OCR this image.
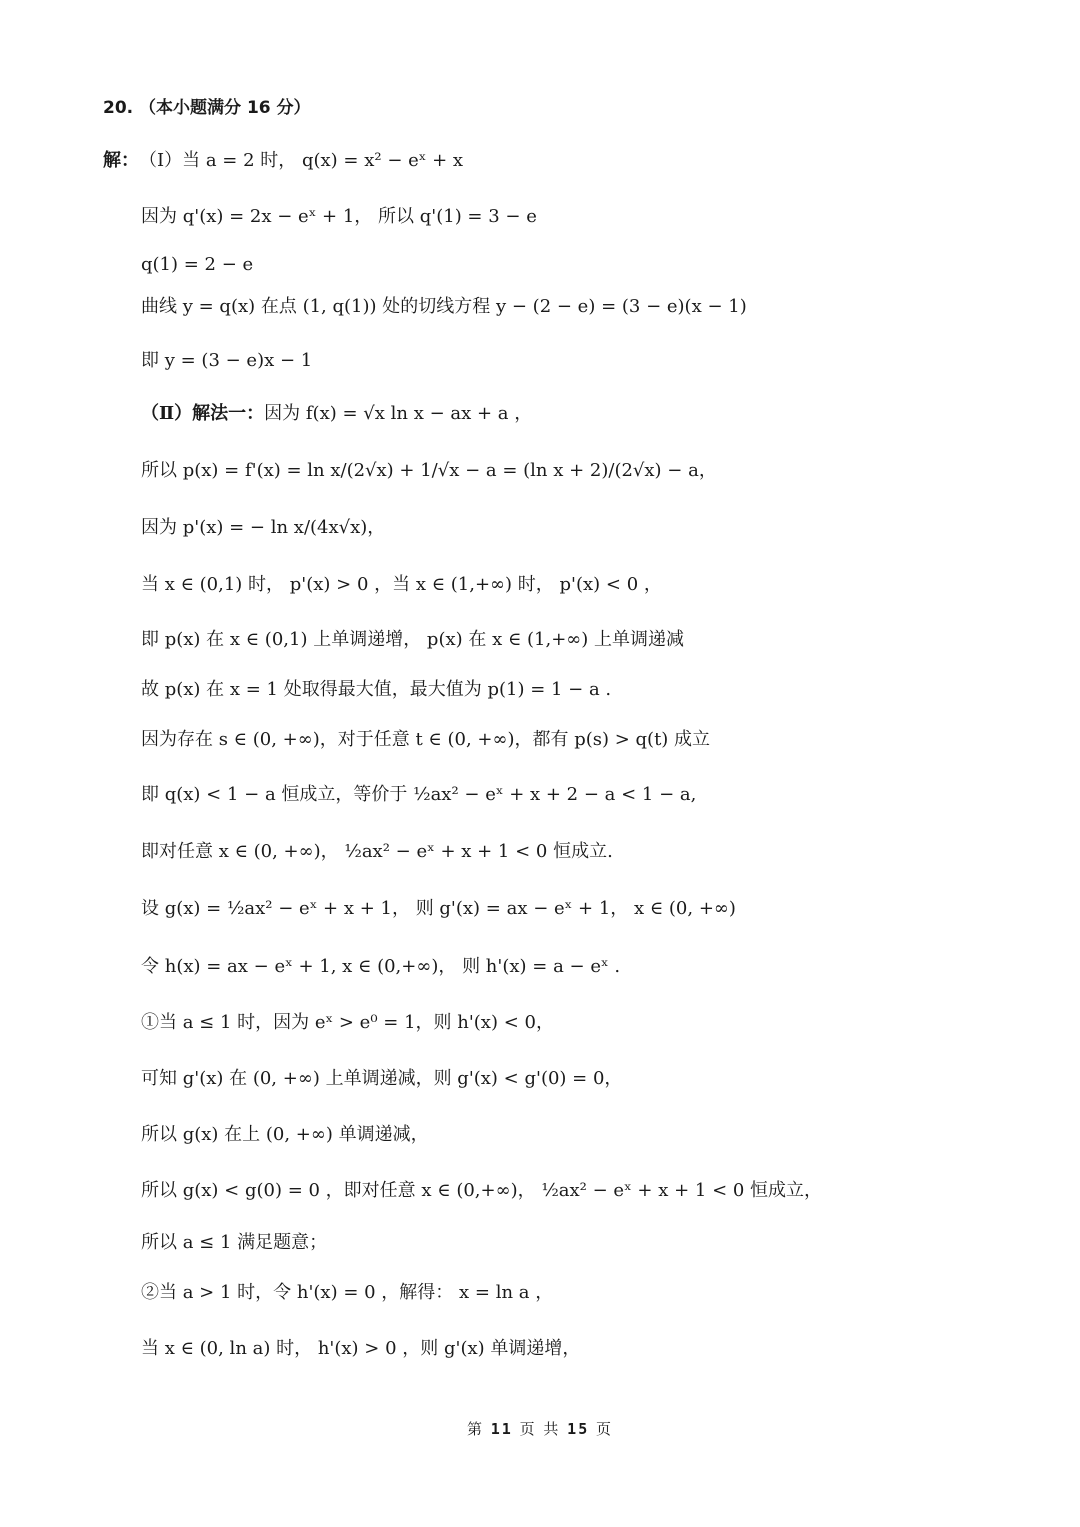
20. （本小题满分 16 分）
解： （Ⅰ）当 a = 2 时， q(x) = x² − eˣ + x
因为 q'(x) = 2x − eˣ + 1， 所以 q'(1) = 3 − e
q(1) = 2 − e
曲线 y = q(x) 在点 (1, q(1)) 处的切线方程 y − (2 − e) = (3 − e)(x − 1)
即 y = (3 − e)x − 1
（Ⅱ）解法一： 因为 f(x) = √x ln x − ax + a ，
所以 p(x) = f'(x) = ln x/(2√x) + 1/√x − a = (ln x + 2)/(2√x) − a，
因为 p'(x) = − ln x/(4x√x)，
当 x ∈ (0,1) 时， p'(x) > 0 ，当 x ∈ (1,+∞) 时， p'(x) < 0 ，
即 p(x) 在 x ∈ (0,1) 上单调递增， p(x) 在 x ∈ (1,+∞) 上单调递减
故 p(x) 在 x = 1 处取得最大值，最大值为 p(1) = 1 − a .
因为存在 s ∈ (0, +∞)，对于任意 t ∈ (0, +∞)，都有 p(s) > q(t) 成立
即 q(x) < 1 − a 恒成立，等价于 ½ax² − eˣ + x + 2 − a < 1 − a,
即对任意 x ∈ (0, +∞)， ½ax² − eˣ + x + 1 < 0 恒成立.
设 g(x) = ½ax² − eˣ + x + 1， 则 g'(x) = ax − eˣ + 1， x ∈ (0, +∞)
令 h(x) = ax − eˣ + 1, x ∈ (0,+∞)， 则 h'(x) = a − eˣ .
①当 a ≤ 1 时，因为 eˣ > e⁰ = 1，则 h'(x) < 0，
可知 g'(x) 在 (0, +∞) 上单调递减，则 g'(x) < g'(0) = 0，
所以 g(x) 在上 (0, +∞) 单调递减，
所以 g(x) < g(0) = 0 ，即对任意 x ∈ (0,+∞)， ½ax² − eˣ + x + 1 < 0 恒成立，
所以 a ≤ 1 满足题意；
②当 a > 1 时，令 h'(x) = 0 ，解得： x = ln a ，
当 x ∈ (0, ln a) 时， h'(x) > 0 ，则 g'(x) 单调递增，
第 11 页 共 15 页
